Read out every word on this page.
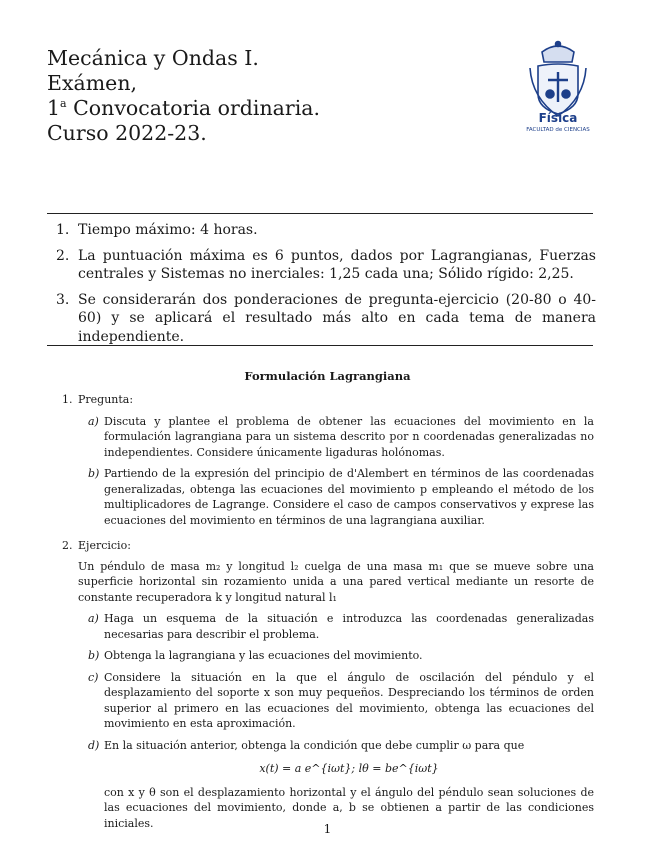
Mecánica y Ondas I.
Exámen,
1$^a$ Convocatoria ordinaria.
Curso 2022-23.
Física
FACULTAD de CIENCIAS
1. Tiempo máximo: 4 horas.
2. La puntuación máxima es 6 puntos, dados por Lagrangianas, Fuerzas centrales y Sistemas no inerciales: 1,25 cada una; Sólido rígido: 2,25.
3. Se considerarán dos ponderaciones de pregunta-ejercicio (20-80 o 40-60) y se aplicará el resultado más alto en cada tema de manera independiente.
Formulación Lagrangiana
1. Pregunta:
a) Discuta y plantee el problema de obtener las ecuaciones del movimiento en la formulación lagrangiana para un sistema descrito por n coordenadas generalizadas no independientes. Considere únicamente ligaduras holónomas.
b) Partiendo de la expresión del principio de d'Alembert en términos de las coordenadas generalizadas, obtenga las ecuaciones del movimiento p empleando el método de los multiplicadores de Lagrange. Considere el caso de campos conservativos y exprese las ecuaciones del movimiento en términos de una lagrangiana auxiliar.
2. Ejercicio:
Un péndulo de masa m₂ y longitud l₂ cuelga de una masa m₁ que se mueve sobre una superficie horizontal sin rozamiento unida a una pared vertical mediante un resorte de constante recuperadora k y longitud natural l₁
a) Haga un esquema de la situación e introduzca las coordenadas generalizadas necesarias para describir el problema.
b) Obtenga la lagrangiana y las ecuaciones del movimiento.
c) Considere la situación en la que el ángulo de oscilación del péndulo y el desplazamiento del soporte x son muy pequeños. Despreciando los términos de orden superior al primero en las ecuaciones del movimiento, obtenga las ecuaciones del movimiento en esta aproximación.
d) En la situación anterior, obtenga la condición que debe cumplir ω para que
x(t) = a e^{iωt}; lθ = be^{iωt}
con x y θ son el desplazamiento horizontal y el ángulo del péndulo sean soluciones de las ecuaciones del movimiento, donde a, b se obtienen a partir de las condiciones iniciales.	1
